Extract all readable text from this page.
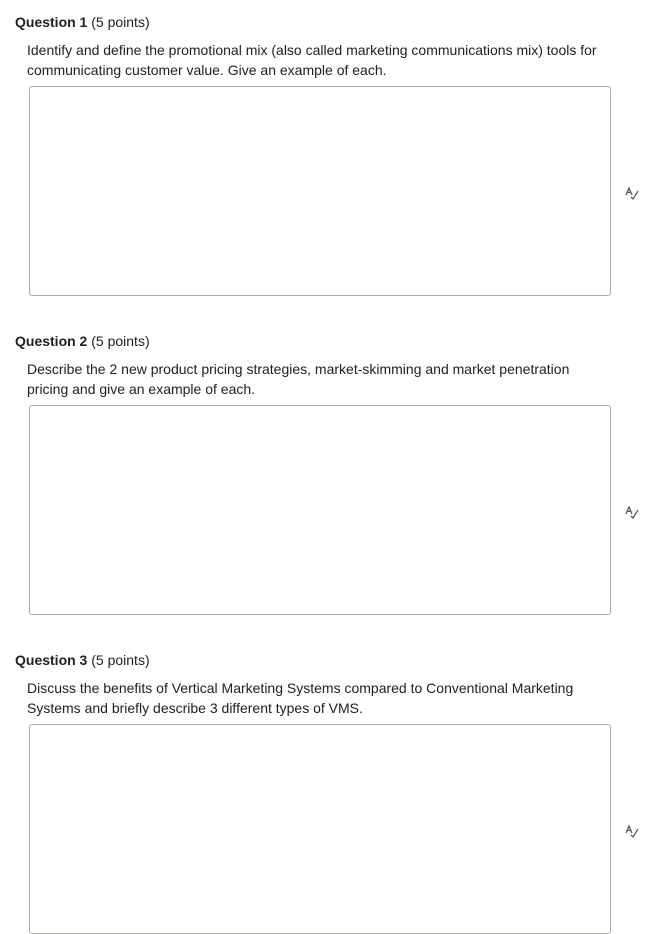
Question 1 (5 points)
Identify and define the promotional mix (also called marketing communications mix) tools for communicating customer value. Give an example of each.
Question 2 (5 points)
Describe the 2 new product pricing strategies, market-skimming and market penetration pricing and give an example of each.
Question 3 (5 points)
Discuss the benefits of Vertical Marketing Systems compared to Conventional Marketing Systems and briefly describe 3 different types of VMS.
